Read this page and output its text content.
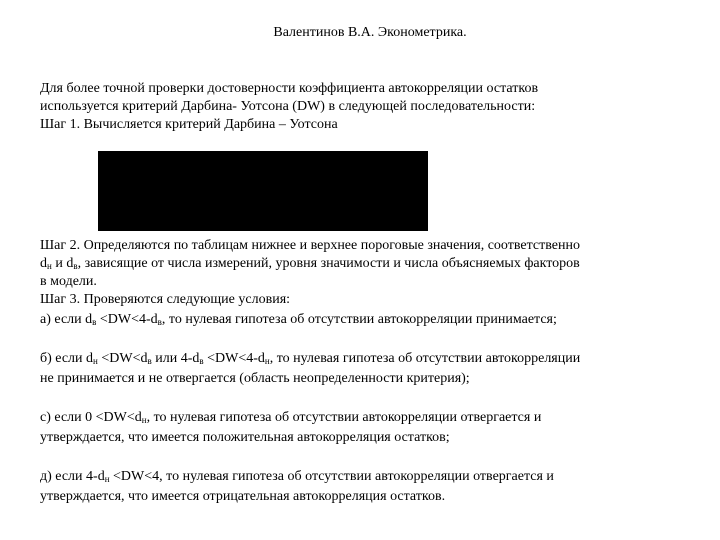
Валентинов В.А. Эконометрика.
Для более точной проверки достоверности коэффициента автокорреляции остатков
используется критерий Дарбина- Уотсона (DW) в следующей последовательности:
Шаг 1. Вычисляется критерий Дарбина – Уотсона
Шаг 2. Определяются по таблицам нижнее и верхнее пороговые значения, соответственно
$d_н$ и $d_в$, зависящие от числа измерений, уровня значимости и числа объясняемых факторов
в модели.
Шаг 3. Проверяются следующие условия:
а) если $d_в <DW<4-d_в$, то нулевая гипотеза об отсутствии автокорреляции принимается;
б) если $d_н <DW<d_в$ или $4-d_в <DW<4-d_н$, то нулевая гипотеза об отсутствии автокорреляции
не принимается и не отвергается (область неопределенности критерия);
с) если $0 <DW<d_н$, то нулевая гипотеза об отсутствии автокорреляции отвергается и
утверждается, что имеется положительная автокорреляция остатков;
д) если $4-d_н <DW<4$, то нулевая гипотеза об отсутствии автокорреляции отвергается и
утверждается, что имеется отрицательная автокорреляция остатков.
